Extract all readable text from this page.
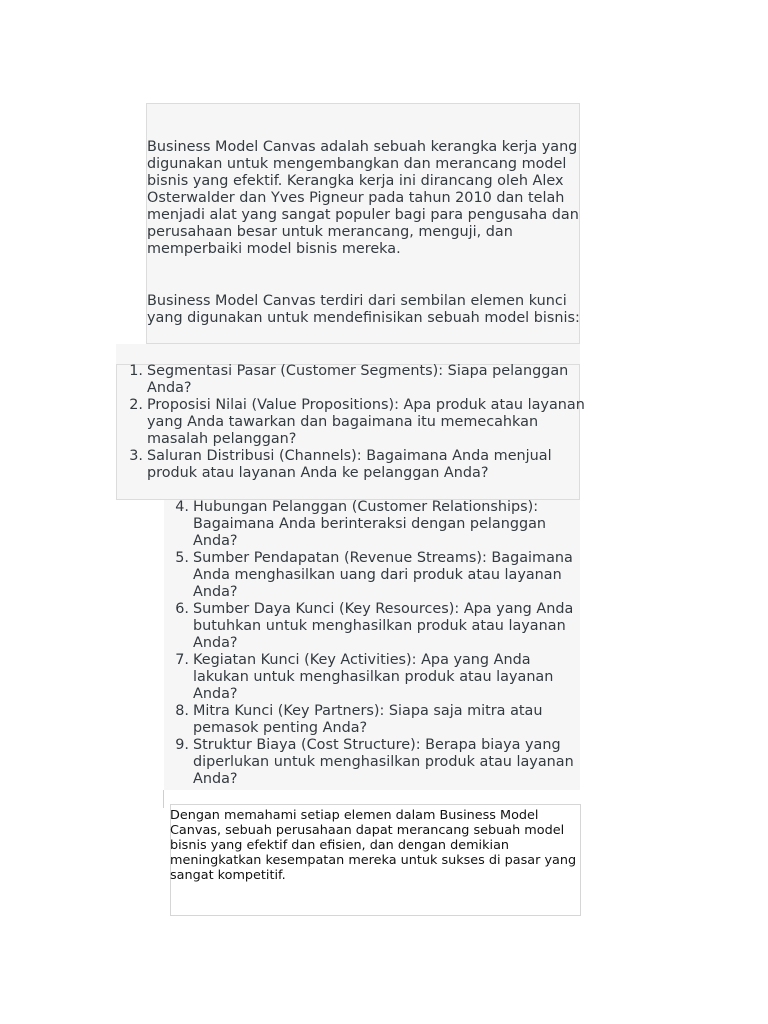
Business Model Canvas adalah sebuah kerangka kerja yang digunakan untuk mengembangkan dan merancang model bisnis yang efektif. Kerangka kerja ini dirancang oleh Alex Osterwalder dan Yves Pigneur pada tahun 2010 dan telah menjadi alat yang sangat populer bagi para pengusaha dan perusahaan besar untuk merancang, menguji, dan memperbaiki model bisnis mereka.

Business Model Canvas terdiri dari sembilan elemen kunci yang digunakan untuk mendefinisikan sebuah model bisnis:

1. Segmentasi Pasar (Customer Segments): Siapa pelanggan Anda?
2. Proposisi Nilai (Value Propositions): Apa produk atau layanan yang Anda tawarkan dan bagaimana itu memecahkan masalah pelanggan?
3. Saluran Distribusi (Channels): Bagaimana Anda menjual produk atau layanan Anda ke pelanggan Anda?
4. Hubungan Pelanggan (Customer Relationships): Bagaimana Anda berinteraksi dengan pelanggan Anda?
5. Sumber Pendapatan (Revenue Streams): Bagaimana Anda menghasilkan uang dari produk atau layanan Anda?
6. Sumber Daya Kunci (Key Resources): Apa yang Anda butuhkan untuk menghasilkan produk atau layanan Anda?
7. Kegiatan Kunci (Key Activities): Apa yang Anda lakukan untuk menghasilkan produk atau layanan Anda?
8. Mitra Kunci (Key Partners): Siapa saja mitra atau pemasok penting Anda?
9. Struktur Biaya (Cost Structure): Berapa biaya yang diperlukan untuk menghasilkan produk atau layanan Anda?

Dengan memahami setiap elemen dalam Business Model Canvas, sebuah perusahaan dapat merancang sebuah model bisnis yang efektif dan efisien, dan dengan demikian meningkatkan kesempatan mereka untuk sukses di pasar yang sangat kompetitif.
